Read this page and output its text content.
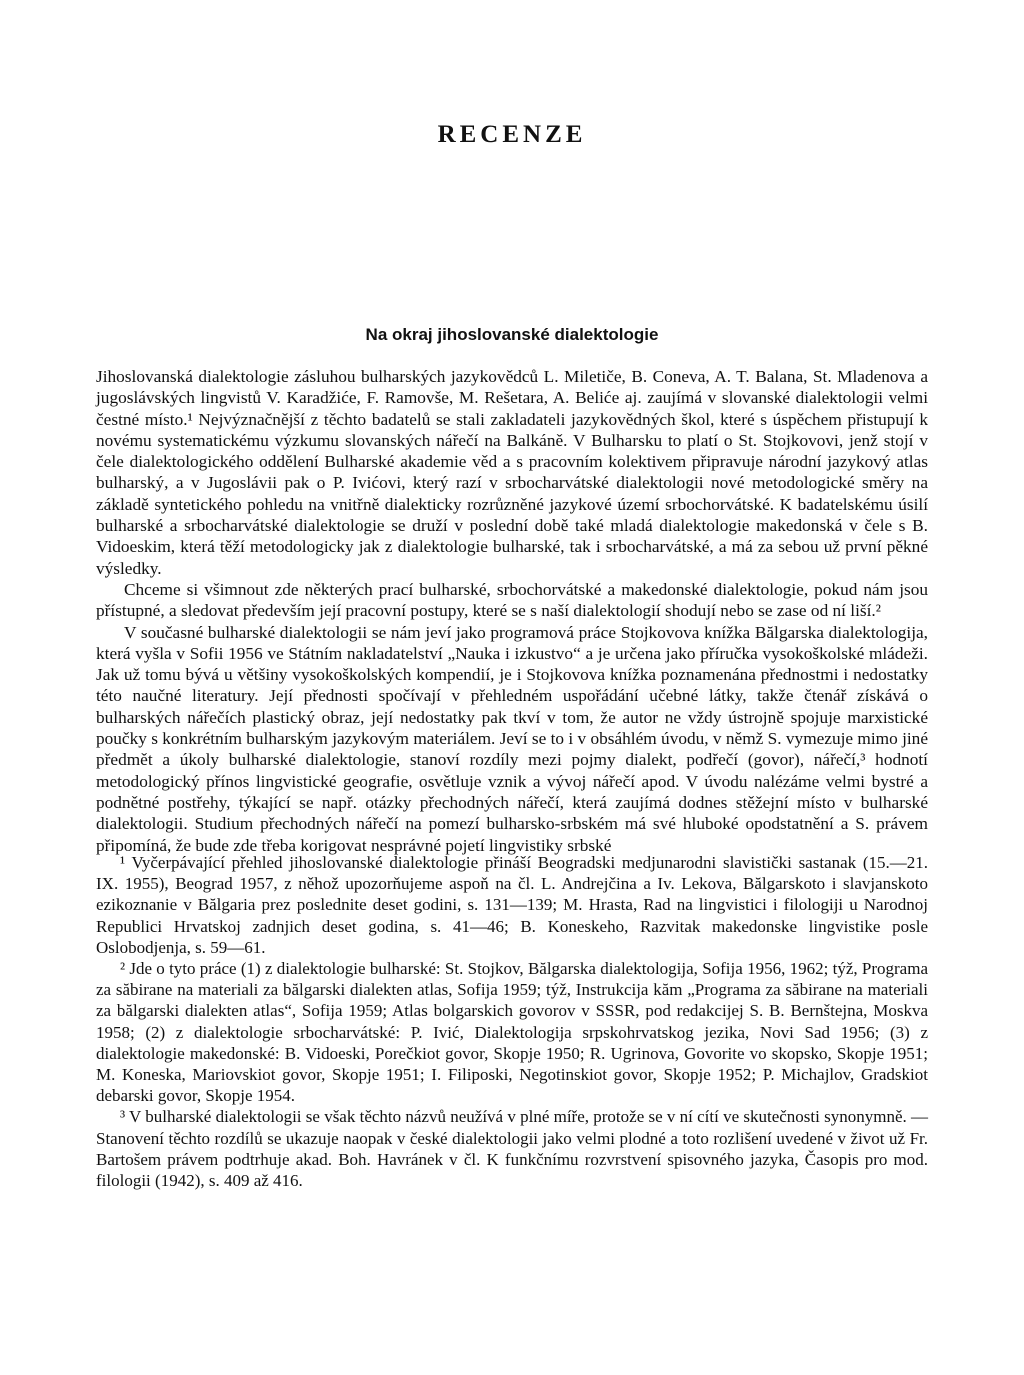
RECENZE
Na okraj jihoslovanské dialektologie

Jihoslovanská dialektologie zásluhou bulharských jazykovědců L. Miletiče, B. Coneva, A. T. Balana, St. Mladenova a jugoslávských lingvistů V. Karadžiće, F. Ramovše, M. Rešetara, A. Beliće aj. zaujímá v slovanské dialektologii velmi čestné místo.¹ Nejvýznačnější z těchto badatelů se stali zakladateli jazykovědných škol, které s úspěchem přistupují k novému systematickému výzkumu slovanských nářečí na Balkáně. V Bulharsku to platí o St. Stojkovovi, jenž stojí v čele dialektologického oddělení Bulharské akademie věd a s pracovním kolektivem připravuje národní jazykový atlas bulharský, a v Jugoslávii pak o P. Ivićovi, který razí v srbocharvátské dialektologii nové metodologické směry na základě syntetického pohledu na vnitřně dialekticky rozrůzněné jazykové území srbochorvátské. K badatelskému úsilí bulharské a srbocharvátské dialektologie se druží v poslední době také mladá dialektologie makedonská v čele s B. Vidoeskim, která těží metodologicky jak z dialektologie bulharské, tak i srbocharvátské, a má za sebou už první pěkné výsledky.

Chceme si všimnout zde některých prací bulharské, srbochorvátské a makedonské dialektologie, pokud nám jsou přístupné, a sledovat především její pracovní postupy, které se s naší dialektologií shodují nebo se zase od ní liší.²

V současné bulharské dialektologii se nám jeví jako programová práce Stojkovova knížka Bălgarska dialektologija, která vyšla v Sofii 1956 ve Státním nakladatelství „Nauka i izkustvo“ a je určena jako příručka vysokoškolské mládeži. Jak už tomu bývá u většiny vysokoškolských kompendií, je i Stojkovova knížka poznamenána přednostmi i nedostatky této naučné literatury. Její přednosti spočívají v přehledném uspořádání učebné látky, takže čtenář získává o bulharských nářečích plastický obraz, její nedostatky pak tkví v tom, že autor ne vždy ústrojně spojuje marxistické poučky s konkrétním bulharským jazykovým materiálem. Jeví se to i v obsáhlém úvodu, v němž S. vymezuje mimo jiné předmět a úkoly bulharské dialektologie, stanoví rozdíly mezi pojmy dialekt, podřečí (govor), nářečí,³ hodnotí metodologický přínos lingvistické geografie, osvětluje vznik a vývoj nářečí apod. V úvodu nalézáme velmi bystré a podnětné postřehy, týkající se např. otázky přechodných nářečí, která zaujímá dodnes stěžejní místo v bulharské dialektologii. Studium přechodných nářečí na pomezí bulharsko-srbském má své hluboké opodstatnění a S. právem připomíná, že bude zde třeba korigovat nesprávné pojetí lingvistiky srbské

¹ Vyčerpávající přehled jihoslovanské dialektologie přináší Beogradski medjunarodni slavistički sastanak (15.—21. IX. 1955), Beograd 1957, z něhož upozorňujeme aspoň na čl. L. Andrejčina a Iv. Lekova, Bălgarskoto i slavjanskoto ezikoznanie v Bălgaria prez poslednite deset godini, s. 131—139; M. Hrasta, Rad na lingvistici i filologiji u Narodnoj Republici Hrvatskoj zadnjich deset godina, s. 41—46; B. Koneskeho, Razvitak makedonske lingvistike posle Oslobodjenja, s. 59—61.

² Jde o tyto práce (1) z dialektologie bulharské: St. Stojkov, Bălgarska dialektologija, Sofija 1956, 1962; týž, Programa za săbirane na materiali za bălgarski dialekten atlas, Sofija 1959; týž, Instrukcija kăm „Programa za săbirane na materiali za bălgarski dialekten atlas“, Sofija 1959; Atlas bolgarskich govorov v SSSR, pod redakcijej S. B. Bernštejna, Moskva 1958; (2) z dialektologie srbocharvátské: P. Ivić, Dialektologija srpskohrvatskog jezika, Novi Sad 1956; (3) z dialektologie makedonské: B. Vidoeski, Porečkiot govor, Skopje 1950; R. Ugrinova, Govorite vo skopsko, Skopje 1951; M. Koneska, Mariovskiot govor, Skopje 1951; I. Filiposki, Negotinskiot govor, Skopje 1952; P. Michajlov, Gradskiot debarski govor, Skopje 1954.

³ V bulharské dialektologii se však těchto názvů neužívá v plné míře, protože se v ní cítí ve skutečnosti synonymně. — Stanovení těchto rozdílů se ukazuje naopak v české dialektologii jako velmi plodné a toto rozlišení uvedené v život už Fr. Bartošem právem podtrhuje akad. Boh. Havránek v čl. K funkčnímu rozvrstvení spisovného jazyka, Časopis pro mod. filologii (1942), s. 409 až 416.
